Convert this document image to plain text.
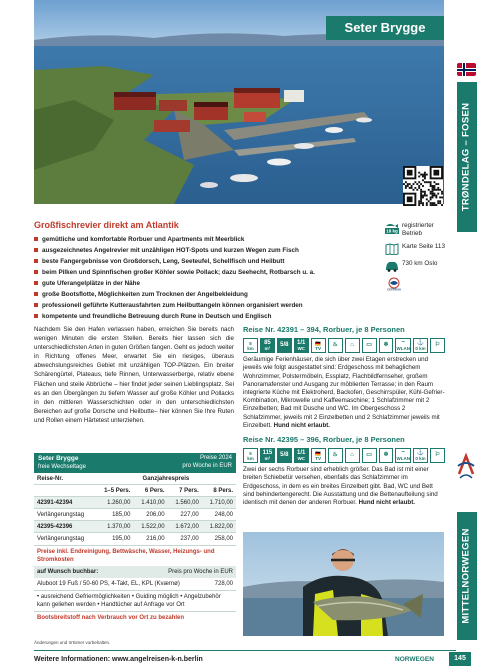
Seter Brygge
TRØNDELAG – FOSEN
MITTELNORWEGEN
Großfischrevier direkt am Atlantik
gemütliche und komfortable Rorbuer und Apartments mit Meerblick
ausgezeichnetes Angelrevier mit unzähligen HOT-Spots und kurzen Wegen zum Fisch
beste Fangergebnisse von Großdorsch, Leng, Seeteufel, Schellfisch und Heilbutt
beim Pilken und Spinnfischen großer Köhler sowie Pollack; dazu Seehecht, Rotbarsch u. a.
gute Uferangelplätze in der Nähe
große Bootsflotte, Möglichkeiten zum Trocknen der Angelbekleidung
professionell geführte Kutterausfahrten zum Heilbuttangeln können organisiert werden
kompetente und freundliche Betreuung durch Rune in Deutsch und Englisch
18 kg
registrierter Betrieb
Karte Seite 113
730 km Oslo
CERTIFISH

Nachdem Sie den Hafen verlassen haben, erreichen Sie bereits nach wenigen Minuten die ersten Stellen. Bereits hier lassen sich die unterschiedlichsten Arten in guten Größen fangen. Geht es jedoch weiter in Richtung offenes Meer, erwartet Sie ein riesiges, überaus abwechslungsreiches Gebiet mit unzähligen TOP-Plätzen. Ein breiter Schärengürtel, Plateaus, tiefe Rinnen, Unterwasserberge, relativ ebene Flächen und steile Abbrüche – hier findet jeder seinen Lieblingsplatz. Sei es an den Übergängen zu tiefem Wasser auf große Köhler und Pollacks in den mittleren Wasserschichten oder in den unterschiedlichsten Bereichen auf große Dorsche und Heilbutte– hier können Sie Ihre Ruten und Rollen einem Härtetest unterziehen.

Seter Brygge
freie Wechseltage
Preise 2024
pro Woche in EUR
Reise-Nr.	Ganzjahrespreis			
	1–5 Pers.	6 Pers.	7 Pers.	8 Pers.
42391-42394	1.260,00	1.410,00	1.560,00	1.710,00
Verlängerungstag	185,00	206,00	227,00	248,00
42395-42396	1.370,00	1.522,00	1.672,00	1.822,00
Verlängerungstag	195,00	216,00	237,00	258,00
Preise inkl. Endreinigung, Bettwäsche, Wasser, Heizungs- und Stromkosten
auf Wunsch buchbar:	Preis pro Woche in EUR
Aluboot 19 Fuß / 50-60 PS, 4-Takt, EL, KPL (Kværnø)	728,00
• ausreichend Gefriermöglichkeiten • Guiding möglich • Angelzubehör kann geliehen werden • Handtücher auf Anfrage vor Ort
Bootsbreitstoff nach Verbrauch vor Ort zu bezahlen
Reise Nr. 42391 – 394, Rorbuer, je 8 Personen
5
km
85
m² 5/8 1/1
WC
🇩🇪
TV ♨ ⌂ ▭ ❄ ~
WLAN
⚓
0 km ⚐

Geräumige Ferienhäuser, die sich über zwei Etagen erstrecken und jeweils wie folgt ausgestattet sind: Erdgeschoss mit behaglichem Wohnzimmer, Polstermöbeln, Essplatz, Flachbildfernseher, großem Panoramafenster und Ausgang zur möblierten Terrasse; in den Raum integrierte Küche mit Elektroherd, Backofen, Geschirrspüler, Kühl-Gefrier-Kombination, Mikrowelle und Kaffeemaschine; 1 Schlafzimmer mit 2 Einzelbetten; Bad mit Dusche und WC. Im Obergeschoss 2 Schlafzimmer, jeweils mit 2 Einzelbetten und 2 Schlafzimmer jeweils mit Einzelbett. Hund nicht erlaubt.

Reise Nr. 42395 – 396, Rorbuer, je 8 Personen
5
km
115
m² 5/8 1/1
WC
🇩🇪
TV ♨ ⌂ ▭ ❄ ~
WLAN
⚓
0 km ⚐

Zwei der sechs Rorbuer sind erheblich größer. Das Bad ist mit einer breiten Schiebetür versehen, ebenfalls das Schlafzimmer im Erdgeschoss, in dem es ein breites Einzelbett gibt. Bad, WC und Bett sind behindertengerecht. Die Ausstattung und die Bettenaufteilung sind identisch mit denen der anderen Rorbuer. Hund nicht erlaubt.

Änderungen und Irrtümer vorbehalten.
Weitere Informationen: www.angelreisen-k-n.berlin	NORWEGEN	145
